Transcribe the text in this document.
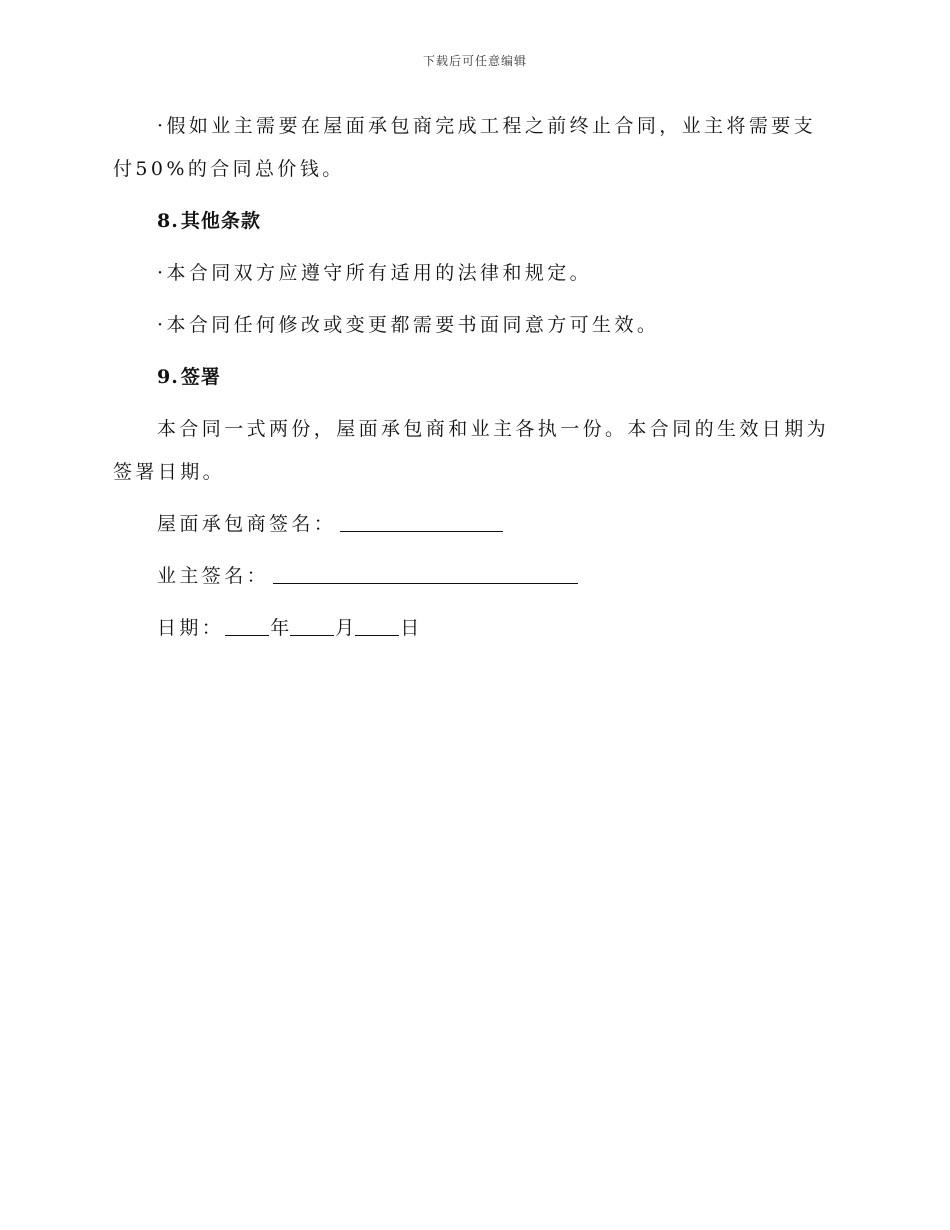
下载后可任意编辑

·假如业主需要在屋面承包商完成工程之前终止合同，业主将需要支付50%的合同总价钱。

8. 其他条款

·本合同双方应遵守所有适用的法律和规定。

·本合同任何修改或变更都需要书面同意方可生效。

9. 签署

本合同一式两份，屋面承包商和业主各执一份。本合同的生效日期为签署日期。

屋面承包商签名：
业主签名：
日期： 年 月 日
